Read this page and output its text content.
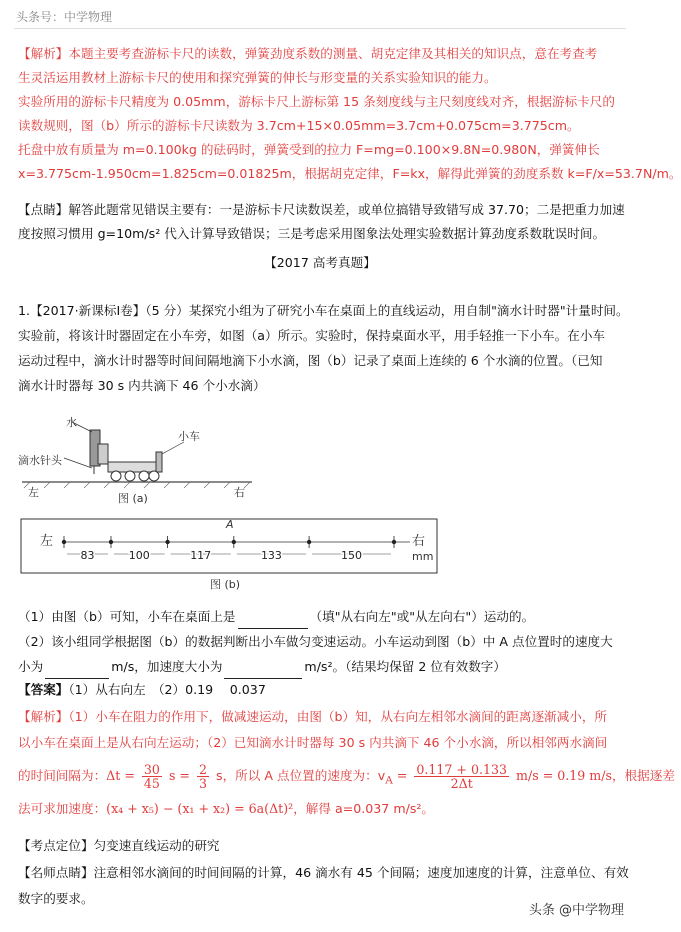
头条号：中学物理
【解析】本题主要考查游标卡尺的读数，弹簧劲度系数的测量、胡克定律及其相关的知识点，意在考查考
生灵活运用教材上游标卡尺的使用和探究弹簧的伸长与形变量的关系实验知识的能力。
实验所用的游标卡尺精度为 0.05mm，游标卡尺上游标第 15 条刻度线与主尺刻度线对齐，根据游标卡尺的
读数规则，图（b）所示的游标卡尺读数为 3.7cm+15×0.05mm=3.7cm+0.075cm=3.775cm。
托盘中放有质量为 m=0.100kg 的砝码时，弹簧受到的拉力 F=mg=0.100×9.8N=0.980N，弹簧伸长
x=3.775cm-1.950cm=1.825cm=0.01825m，根据胡克定律，F=kx，解得此弹簧的劲度系数 k=F/x=53.7N/m。
【点睛】解答此题常见错误主要有：一是游标卡尺读数误差，或单位搞错导致错写成 37.70；二是把重力加速
度按照习惯用 g=10m/s² 代入计算导致错误；三是考虑采用图象法处理实验数据计算劲度系数耽误时间。
【2017 高考真题】
1.【2017·新课标Ⅰ卷】（5 分）某探究小组为了研究小车在桌面上的直线运动，用自制"滴水计时器"计量时间。
实验前，将该计时器固定在小车旁，如图（a）所示。实验时，保持桌面水平，用手轻推一下小车。在小车
运动过程中，滴水计时器等时间间隔地滴下小水滴，图（b）记录了桌面上连续的 6 个水滴的位置。（已知
滴水计时器每 30 s 内共滴下 46 个小水滴）
水
小车
滴水针头
左	右
图 (a)
83	100	117	133	150
左	右
mm
A
图 (b)
（1）由图（b）可知，小车在桌面上是	（填"从右向左"或"从左向右"）运动的。
（2）该小组同学根据图（b）的数据判断出小车做匀变速运动。小车运动到图（b）中 A 点位置时的速度大
小为	m/s，加速度大小为	m/s²。（结果均保留 2 位有效数字）
【答案】（1）从右向左　（2）0.19　 0.037
【解析】（1）小车在阻力的作用下，做减速运动，由图（b）知，从右向左相邻水滴间的距离逐渐减小，所
以小车在桌面上是从右向左运动；（2）已知滴水计时器每 30 s 内共滴下 46 个小水滴，所以相邻两水滴间
的时间间隔为：$\Delta t = \frac{30}{45}$ $s = \frac{2}{3}$ s，所以 A 点位置的速度为：$v_A = \frac{0.117 + 0.133}{2\Delta t} m/s = 0.19$ m/s，根据逐差
法可求加速度：(x₄ + x₅) − (x₁ + x₂) = 6a(Δt)²，解得 a=0.037 m/s²。
【考点定位】匀变速直线运动的研究
【名师点睛】注意相邻水滴间的时间间隔的计算，46 滴水有 45 个间隔；速度加速度的计算，注意单位、有效
数字的要求。
头条 @中学物理
